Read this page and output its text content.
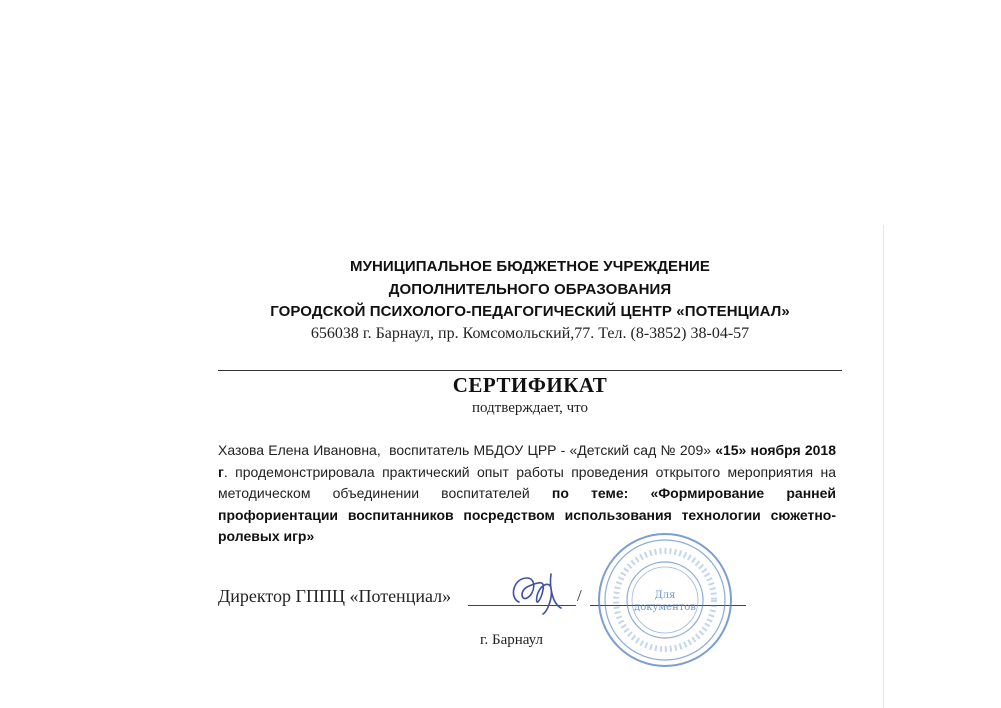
МУНИЦИПАЛЬНОЕ БЮДЖЕТНОЕ УЧРЕЖДЕНИЕ
ДОПОЛНИТЕЛЬНОГО ОБРАЗОВАНИЯ
ГОРОДСКОЙ ПСИХОЛОГО-ПЕДАГОГИЧЕСКИЙ ЦЕНТР «ПОТЕНЦИАЛ»
656038 г. Барнаул, пр. Комсомольский,77. Тел. (8-3852) 38-04-57
СЕРТИФИКАТ
подтверждает, что
Хазова Елена Ивановна, воспитатель МБДОУ ЦРР - «Детский сад № 209» «15» ноября 2018 г. продемонстрировала практический опыт работы проведения открытого мероприятия на методическом объединении воспитателей по теме: «Формирование ранней профориентации воспитанников посредством использования технологии сюжетно-ролевых игр»
Директор ГППЦ «Потенциал»	/	Для
документов
г. Барнаул
